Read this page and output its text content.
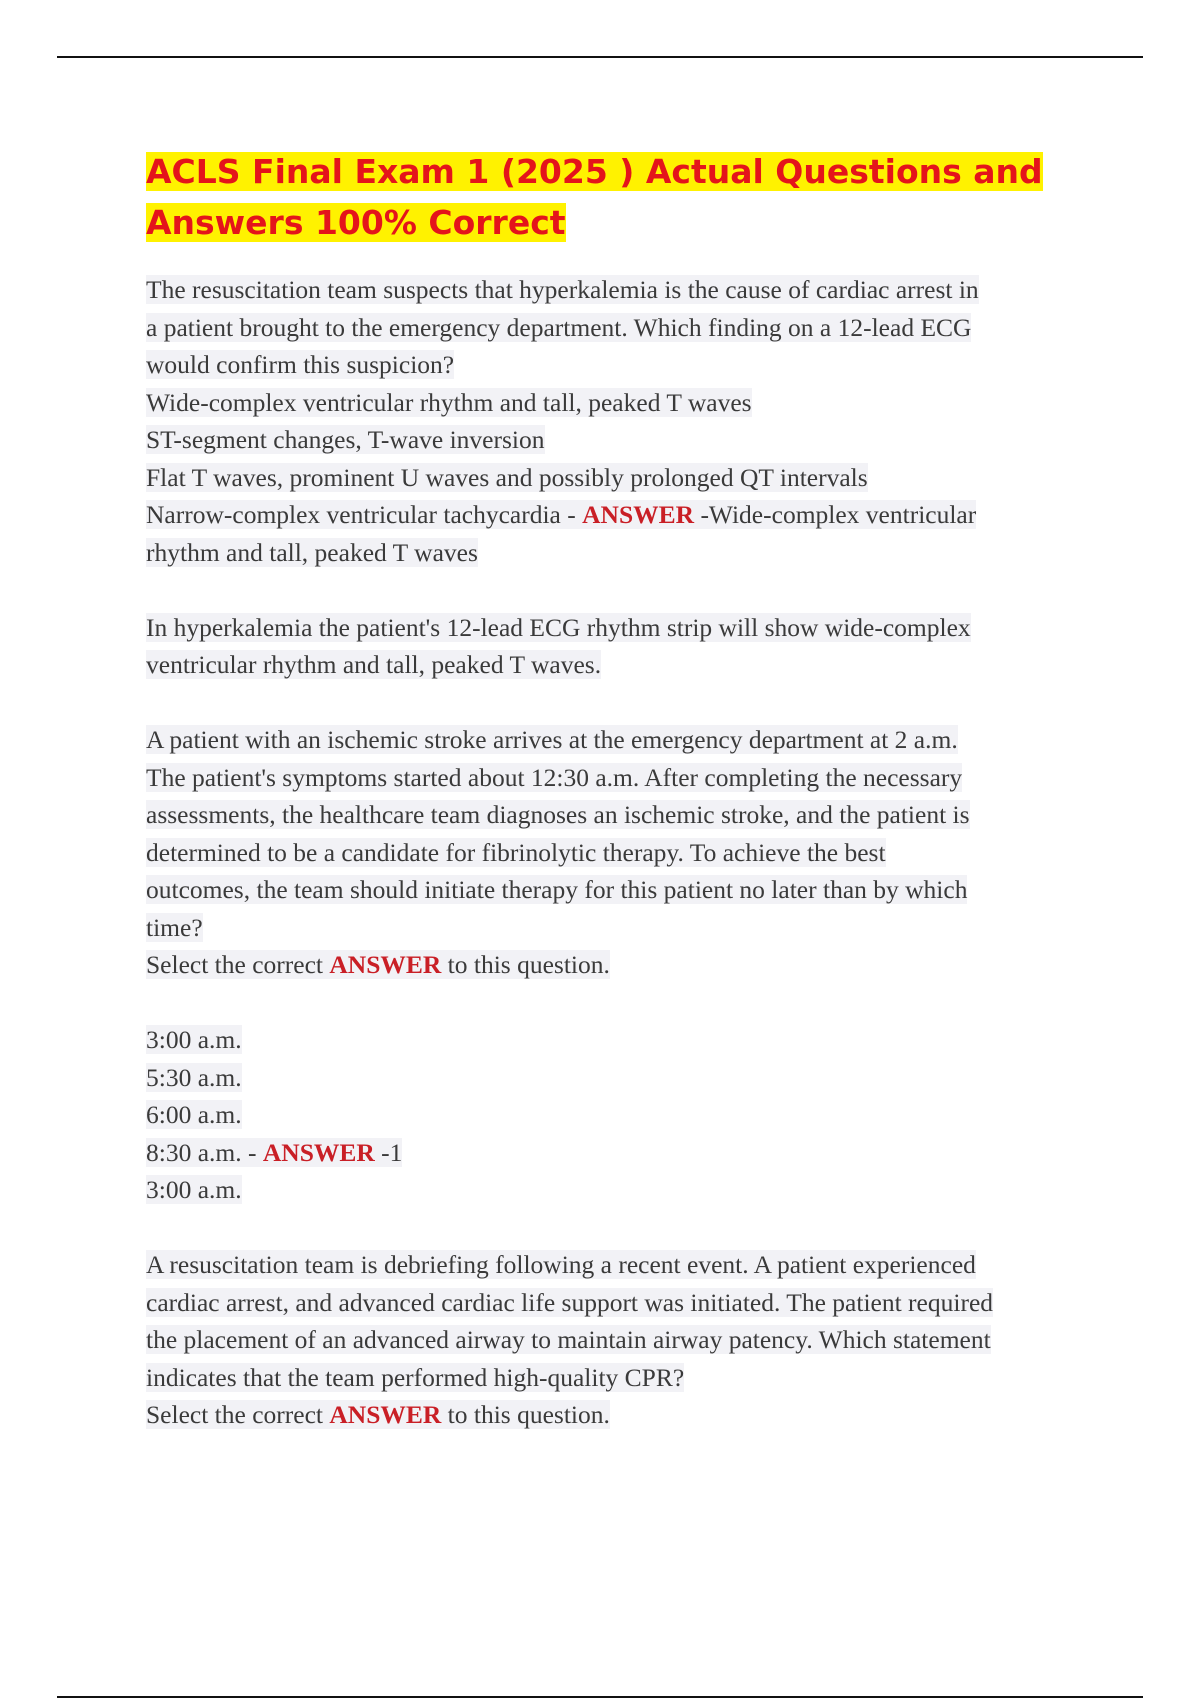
ACLS Final Exam 1 (2025 ) Actual Questions and
Answers 100% Correct
The resuscitation team suspects that hyperkalemia is the cause of cardiac arrest in
a patient brought to the emergency department. Which finding on a 12-lead ECG
would confirm this suspicion?
Wide-complex ventricular rhythm and tall, peaked T waves
ST-segment changes, T-wave inversion
Flat T waves, prominent U waves and possibly prolonged QT intervals
Narrow-complex ventricular tachycardia - ANSWER -Wide-complex ventricular
rhythm and tall, peaked T waves
In hyperkalemia the patient's 12-lead ECG rhythm strip will show wide-complex
ventricular rhythm and tall, peaked T waves.
A patient with an ischemic stroke arrives at the emergency department at 2 a.m.
The patient's symptoms started about 12:30 a.m. After completing the necessary
assessments, the healthcare team diagnoses an ischemic stroke, and the patient is
determined to be a candidate for fibrinolytic therapy. To achieve the best
outcomes, the team should initiate therapy for this patient no later than by which
time?
Select the correct ANSWER to this question.
3:00 a.m.
5:30 a.m.
6:00 a.m.
8:30 a.m. - ANSWER -1
3:00 a.m.
A resuscitation team is debriefing following a recent event. A patient experienced
cardiac arrest, and advanced cardiac life support was initiated. The patient required
the placement of an advanced airway to maintain airway patency. Which statement
indicates that the team performed high-quality CPR?
Select the correct ANSWER to this question.
